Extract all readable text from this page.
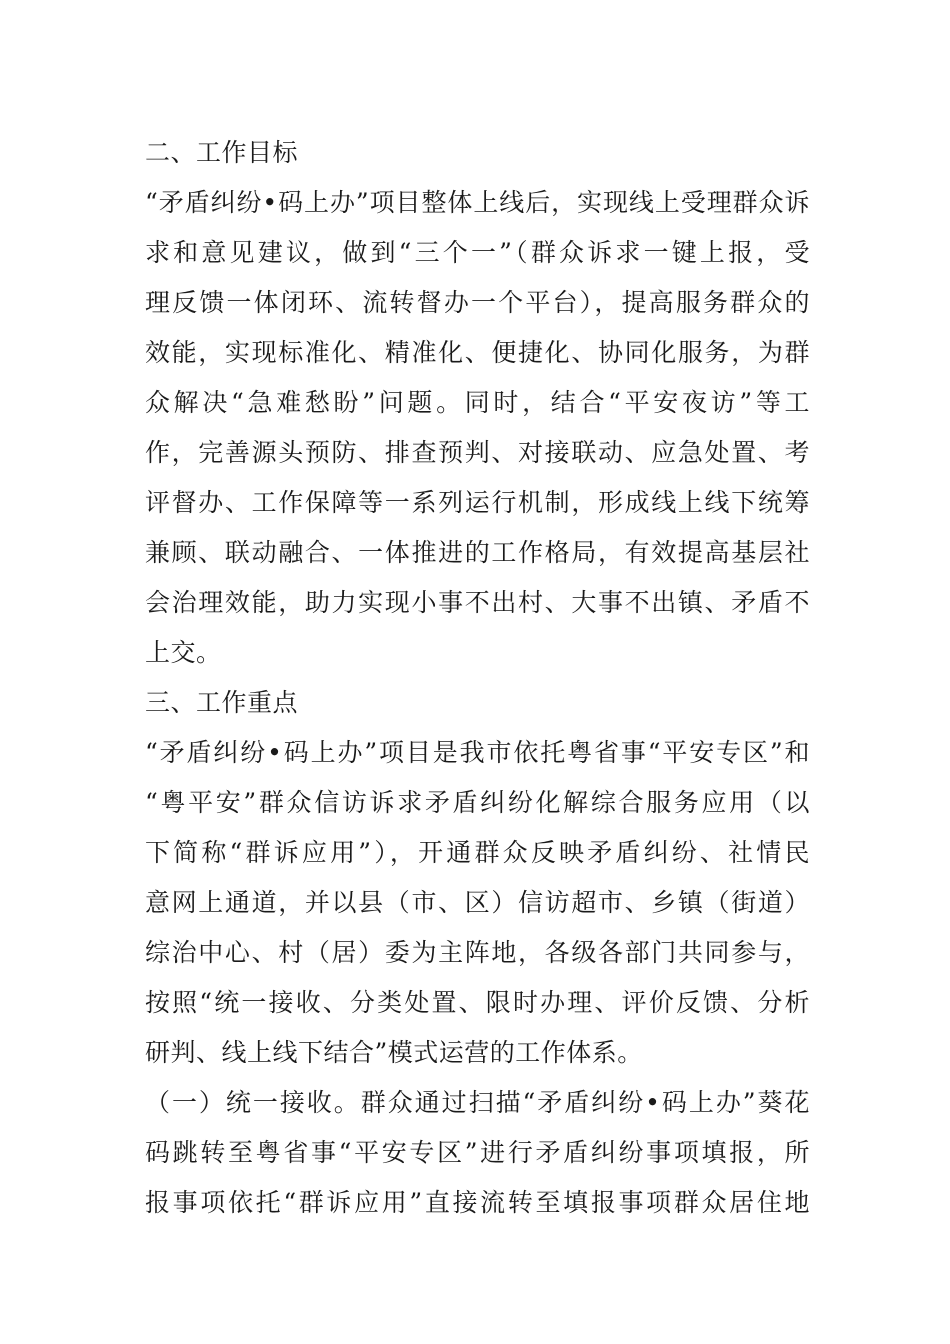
二、工作目标
“矛盾纠纷•码上办”项目整体上线后，实现线上受理群众诉
求和意见建议，做到“三个一”（群众诉求一键上报，受
理反馈一体闭环、流转督办一个平台），提高服务群众的
效能，实现标准化、精准化、便捷化、协同化服务，为群
众解决“急难愁盼”问题。同时，结合“平安夜访”等工
作，完善源头预防、排查预判、对接联动、应急处置、考
评督办、工作保障等一系列运行机制，形成线上线下统筹
兼顾、联动融合、一体推进的工作格局，有效提高基层社
会治理效能，助力实现小事不出村、大事不出镇、矛盾不
上交。
三、工作重点
“矛盾纠纷•码上办”项目是我市依托粤省事“平安专区”和
“粤平安”群众信访诉求矛盾纠纷化解综合服务应用（以
下简称“群诉应用”），开通群众反映矛盾纠纷、社情民
意网上通道，并以县（市、区）信访超市、乡镇（街道）
综治中心、村（居）委为主阵地，各级各部门共同参与，
按照“统一接收、分类处置、限时办理、评价反馈、分析
研判、线上线下结合”模式运营的工作体系。
（一）统一接收。群众通过扫描“矛盾纠纷•码上办”葵花
码跳转至粤省事“平安专区”进行矛盾纠纷事项填报，所
报事项依托“群诉应用”直接流转至填报事项群众居住地
